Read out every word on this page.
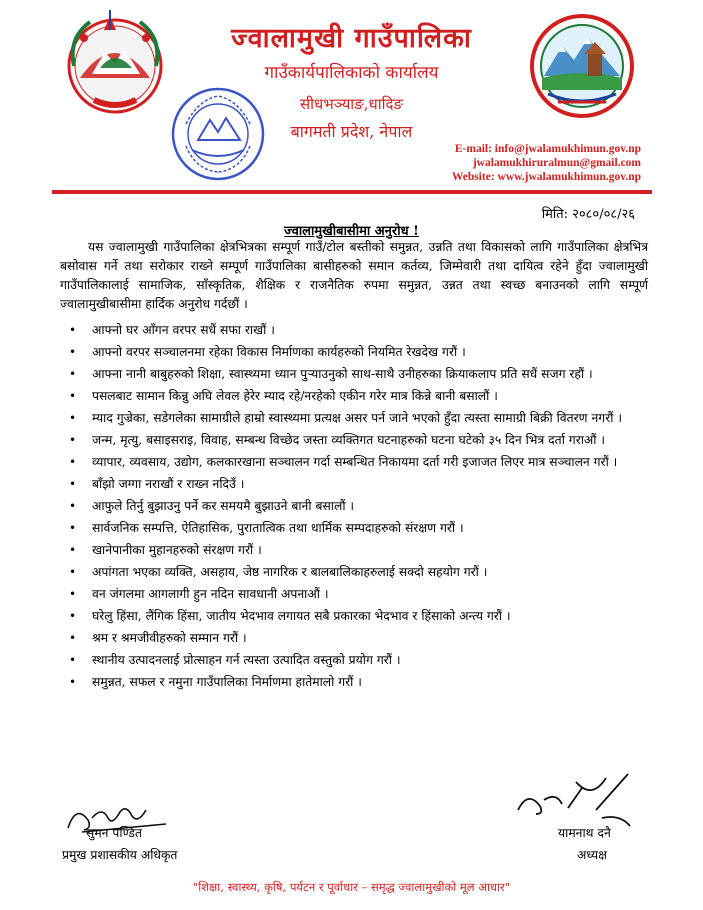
ज्वालामुखी गाउँपालिका
गाउँकार्यपालिकाको कार्यालय
सीधभञ्याङ,धादिङ
बागमती प्रदेश, नेपाल
E-mail: info@jwalamukhimun.gov.np
jwalamukhiruralmun@gmail.com
Website: www.jwalamukhimun.gov.np
मिति: २०८०/०८/२६
ज्वालामुखीबासीमा अनुरोध !

यस ज्वालामुखी गाउँपालिका क्षेत्रभित्रका सम्पूर्ण गाउँ/टोल बस्तीको समुन्नत, उन्नति तथा विकासको लागि गाउँपालिका क्षेत्रभित्र बसोवास गर्ने तथा सरोकार राख्ने सम्पूर्ण गाउँपालिका बासीहरुको समान कर्तव्य, जिम्मेवारी तथा दायित्व रहेने हुँदा ज्वालामुखी गाउँपालिकालाई सामाजिक, साँस्कृतिक, शैक्षिक र राजनैतिक रुपमा समुन्नत, उन्नत तथा स्वच्छ बनाउनको लागि सम्पूर्ण ज्वालामुखीबासीमा हार्दिक अनुरोध गर्दछौं ।

• आफ्नो घर आँगन वरपर सधैं सफा राखौं ।
• आफ्नो वरपर सञ्चालनमा रहेका विकास निर्माणका कार्यहरुको नियमित रेखदेख गरौं ।
• आफ्ना नानी बाबुहरुको शिक्षा, स्वास्थ्यमा ध्यान पुर्‍याउनुको साथ-साथै उनीहरुका क्रियाकलाप प्रति सधैं सजग रहौं ।
• पसलबाट सामान किन्नु अघि लेवल हेरेर म्याद रहे/नरहेको एकीन गरेर मात्र किन्ने बानी बसालौं ।
• म्याद गुज्रेका, सडेगलेका सामाग्रीले हाम्रो स्वास्थ्यमा प्रत्यक्ष असर पर्न जाने भएको हुँदा त्यस्ता सामाग्री बिक्री वितरण नगरौं ।
• जन्म, मृत्यु, बसाइसराइ, विवाह, सम्बन्ध विच्छेद जस्ता व्यक्तिगत घटनाहरुको घटना घटेको ३५ दिन भित्र दर्ता गराऔं ।
• व्यापार, व्यवसाय, उद्योग, कलकारखाना सञ्चालन गर्दा सम्बन्धित निकायमा दर्ता गरी इजाजत लिएर मात्र सञ्चालन गरौं ।
• बाँझो जग्गा नराखौं र राख्न नदिउँ ।
• आफुले तिर्नु बुझाउनु पर्ने कर समयमै बुझाउने बानी बसालौं ।
• सार्वजनिक सम्पत्ति, ऐतिहासिक, पुरातात्विक तथा धार्मिक सम्पदाहरुको संरक्षण गरौं ।
• खानेपानीका मुहानहरुको संरक्षण गरौं ।
• अपांगता भएका व्यक्ति, असहाय, जेष्ठ नागरिक र बालबालिकाहरुलाई सक्दो सहयोग गरौं ।
• वन जंगलमा आगलागी हुन नदिन सावधानी अपनाऔं ।
• घरेलु हिंसा, लैंगिक हिंसा, जातीय भेदभाव लगायत सबै प्रकारका भेदभाव र हिंसाको अन्त्य गरौं ।
• श्रम र श्रमजीवीहरुको सम्मान गरौं ।
• स्थानीय उत्पादनलाई प्रोत्साहन गर्न त्यस्ता उत्पादित वस्तुको प्रयोग गरौं ।
• समुन्नत, सफल र नमुना गाउँपालिका निर्माणमा हातेमालो गरौं ।
सुमन पण्डित
प्रमुख प्रशासकीय अधिकृत
यामनाथ दनै
अध्यक्ष
"शिक्षा, स्वास्थ्य, कृषि, पर्यटन र पूर्वाधार – समृद्ध ज्वालामुखीको मूल आधार"
